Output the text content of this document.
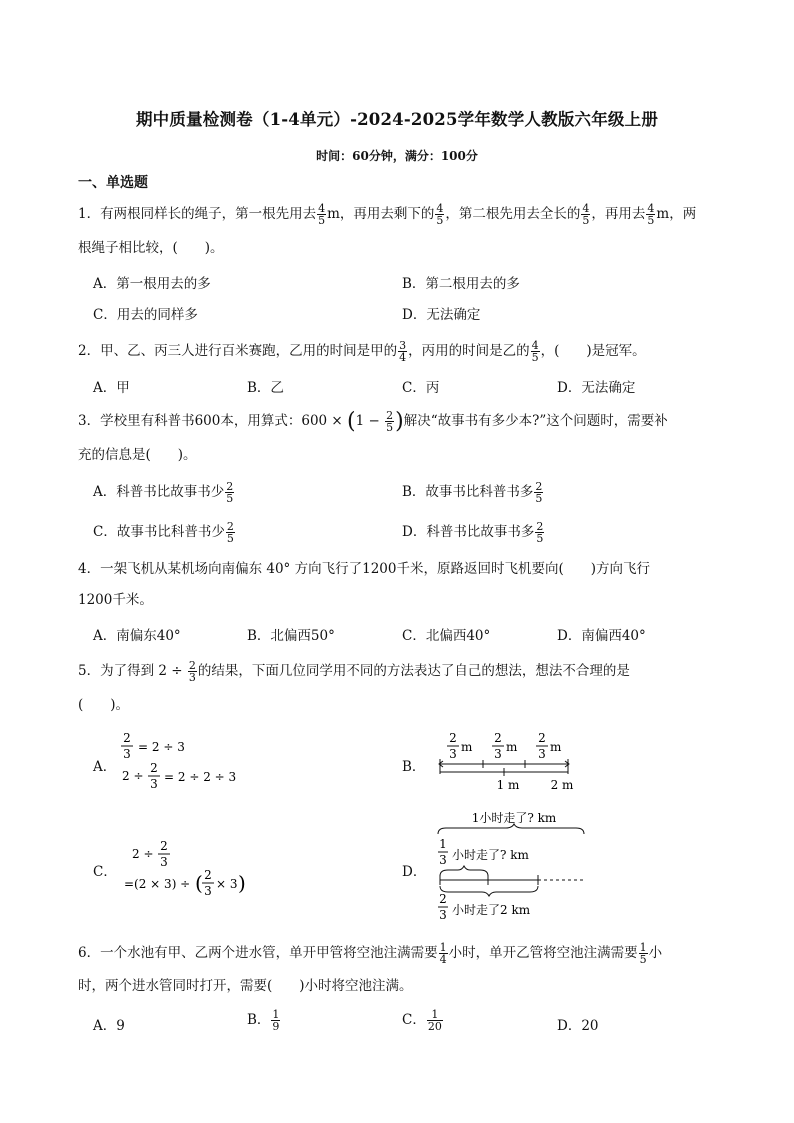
期中质量检测卷（1-4单元）-2024-2025学年数学人教版六年级上册
时间：60分钟，满分：100分
一、单选题
1．有两根同样长的绳子，第一根先用去 $\frac{4}{5}$ m，再用去剩下的 $\frac{4}{5}$ ，第二根先用去全长的 $\frac{4}{5}$ ，再用去 $\frac{4}{5}$ m，两
根绳子相比较，(　　)。
A．第一根用去的多	B．第二根用去的多
C．用去的同样多	D．无法确定
2．甲、乙、丙三人进行百米赛跑，乙用的时间是甲的 $\frac{3}{4}$ ，丙用的时间是乙的 $\frac{4}{5}$ ，(　　)是冠军。
A．甲	B．乙	C．丙	D．无法确定
3．学校里有科普书600本，用算式：$600 \times (1 - \frac{2}{5}$ )解决“故事书有多少本?”这个问题时，需要补
充的信息是(　　)。
A．科普书比故事书少 $\frac{2}{5}$	B．故事书比科普书多 $\frac{2}{5}$
C．故事书比科普书少 $\frac{2}{5}$	D．科普书比故事书多 $\frac{2}{5}$
4．一架飞机从某机场向南偏东 40° 方向飞行了1200千米，原路返回时飞机要向(　　)方向飞行
1200千米。
A．南偏东40°	B．北偏西50°	C．北偏西40°	D．南偏西40°
5．为了得到 $2 \div \frac{2}{3}$ 的结果，下面几位同学用不同的方法表达了自己的想法，想法不合理的是
(　　)。
A．	B．
C．	D．
2
3 = 2 ÷ 3
2 ÷
2
3 = 2 ÷ 2 ÷ 3
2
3 m
2
3 m
2
3 m
1 m	2 m
2 ÷
2
3
=(2 × 3) ÷ ( 2
3 × 3 )
1小时走了? km
1
3 小时走了? km
2
3 小时走了2 km
6．一个水池有甲、乙两个进水管，单开甲管将空池注满需要 $\frac{1}{4}$ 小时，单开乙管将空池注满需要 $\frac{1}{5}$ 小
时，两个进水管同时打开，需要(　　)小时将空池注满。
A．9	B． $\frac{1}{9}$	C． $\frac{1}{20}$	D．20
